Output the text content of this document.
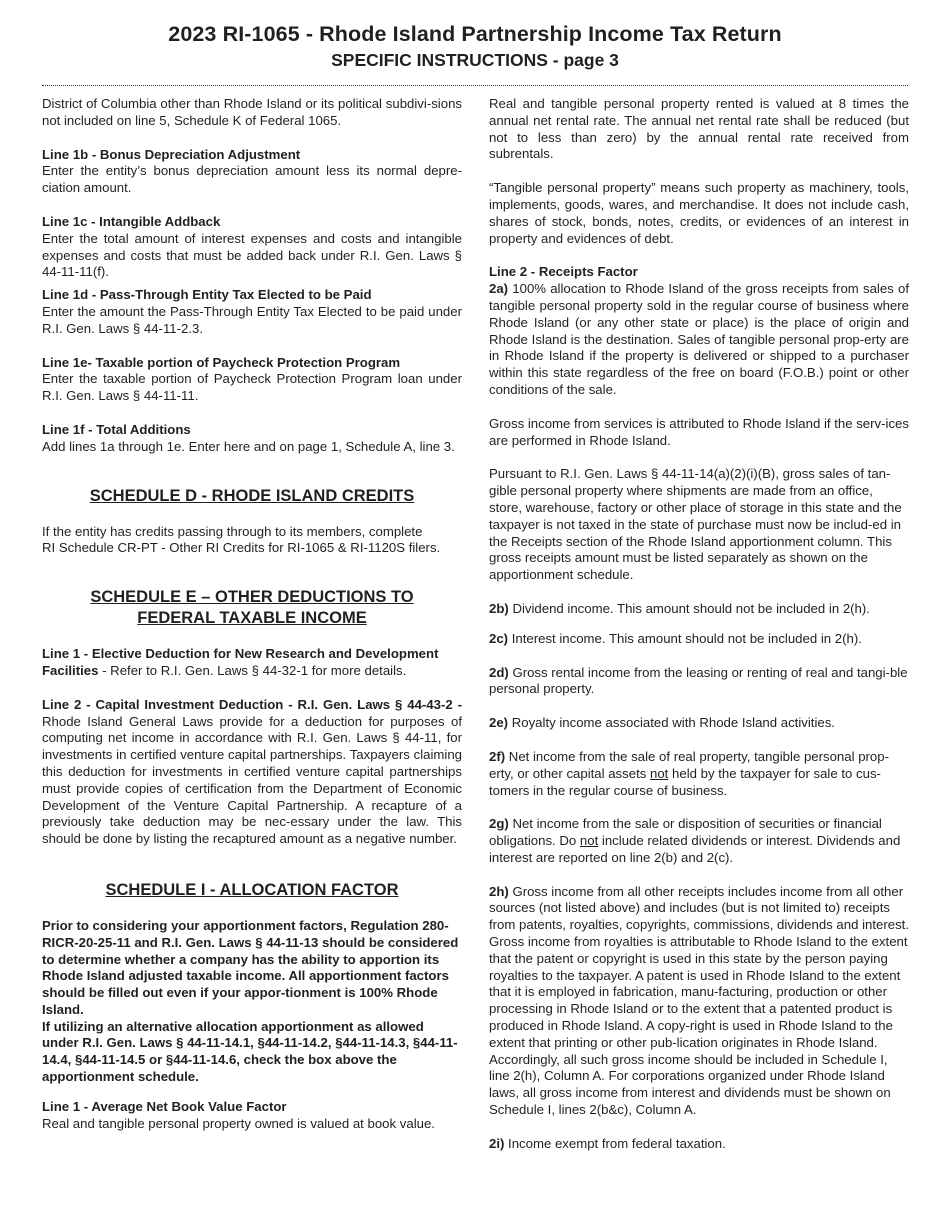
2023 RI-1065 - Rhode Island Partnership Income Tax Return
SPECIFIC INSTRUCTIONS - page 3

District of Columbia other than Rhode Island or its political subdivi-sions not included on line 5, Schedule K of Federal 1065.

Line 1b - Bonus Depreciation Adjustment
Enter the entity’s bonus depreciation amount less its normal depre-ciation amount.

Line 1c - Intangible Addback
Enter the total amount of interest expenses and costs and intangible expenses and costs that must be added back under R.I. Gen. Laws § 44-11-11(f).

Line 1d - Pass-Through Entity Tax Elected to be Paid
Enter the amount the Pass-Through Entity Tax Elected to be paid under R.I. Gen. Laws § 44-11-2.3.

Line 1e- Taxable portion of Paycheck Protection Program
Enter the taxable portion of Paycheck Protection Program loan under R.I. Gen. Laws § 44-11-11.

Line 1f - Total Additions
Add lines 1a through 1e. Enter here and on page 1, Schedule A, line 3.

SCHEDULE D - RHODE ISLAND CREDITS

If the entity has credits passing through to its members, complete
RI Schedule CR-PT - Other RI Credits for RI-1065 & RI-1120S filers.

SCHEDULE E – OTHER DEDUCTIONS TO
FEDERAL TAXABLE INCOME

Line 1 - Elective Deduction for New Research and Development Facilities - Refer to R.I. Gen. Laws § 44-32-1 for more details.

Line 2 - Capital Investment Deduction - R.I. Gen. Laws § 44-43-2 - Rhode Island General Laws provide for a deduction for purposes of computing net income in accordance with R.I. Gen. Laws § 44-11, for investments in certified venture capital partnerships. Taxpayers claiming this deduction for investments in certified venture capital partnerships must provide copies of certification from the Department of Economic Development of the Venture Capital Partnership. A recapture of a previously take deduction may be nec-essary under the law. This should be done by listing the recaptured amount as a negative number.

SCHEDULE I - ALLOCATION FACTOR

Prior to considering your apportionment factors, Regulation 280-RICR-20-25-11 and R.I. Gen. Laws § 44-11-13 should be considered to determine whether a company has the ability to apportion its Rhode Island adjusted taxable income. All apportionment factors should be filled out even if your appor-tionment is 100% Rhode Island.

If utilizing an alternative allocation apportionment as allowed under R.I. Gen. Laws § 44-11-14.1, §44-11-14.2, §44-11-14.3, §44-11-14.4, §44-11-14.5 or §44-11-14.6, check the box above the apportionment schedule.

Line 1 - Average Net Book Value Factor
Real and tangible personal property owned is valued at book value.

Real and tangible personal property rented is valued at 8 times the annual net rental rate. The annual net rental rate shall be reduced (but not to less than zero) by the annual rental rate received from subrentals.

“Tangible personal property” means such property as machinery, tools, implements, goods, wares, and merchandise. It does not include cash, shares of stock, bonds, notes, credits, or evidences of an interest in property and evidences of debt.

Line 2 - Receipts Factor
2a) 100% allocation to Rhode Island of the gross receipts from sales of tangible personal property sold in the regular course of business where Rhode Island (or any other state or place) is the place of origin and Rhode Island is the destination. Sales of tangible personal prop-erty are in Rhode Island if the property is delivered or shipped to a purchaser within this state regardless of the free on board (F.O.B.) point or other conditions of the sale.

Gross income from services is attributed to Rhode Island if the serv-ices are performed in Rhode Island.

Pursuant to R.I. Gen. Laws § 44-11-14(a)(2)(i)(B), gross sales of tan-gible personal property where shipments are made from an office, store, warehouse, factory or other place of storage in this state and the taxpayer is not taxed in the state of purchase must now be includ-ed in the Receipts section of the Rhode Island apportionment column. This gross receipts amount must be listed separately as shown on the apportionment schedule.

2b) Dividend income. This amount should not be included in 2(h).

2c) Interest income. This amount should not be included in 2(h).

2d) Gross rental income from the leasing or renting of real and tangi-ble personal property.

2e) Royalty income associated with Rhode Island activities.

2f) Net income from the sale of real property, tangible personal prop-erty, or other capital assets not held by the taxpayer for sale to cus-tomers in the regular course of business.

2g) Net income from the sale or disposition of securities or financial obligations. Do not include related dividends or interest. Dividends and interest are reported on line 2(b) and 2(c).

2h) Gross income from all other receipts includes income from all other sources (not listed above) and includes (but is not limited to) receipts from patents, royalties, copyrights, commissions, dividends and interest. Gross income from royalties is attributable to Rhode Island to the extent that the patent or copyright is used in this state by the person paying royalties to the taxpayer. A patent is used in Rhode Island to the extent that it is employed in fabrication, manu-facturing, production or other processing in Rhode Island or to the extent that a patented product is produced in Rhode Island. A copy-right is used in Rhode Island to the extent that printing or other pub-lication originates in Rhode Island. Accordingly, all such gross income should be included in Schedule I, line 2(h), Column A. For corporations organized under Rhode Island laws, all gross income from interest and dividends must be shown on Schedule I, lines 2(b&c), Column A.

2i) Income exempt from federal taxation.
